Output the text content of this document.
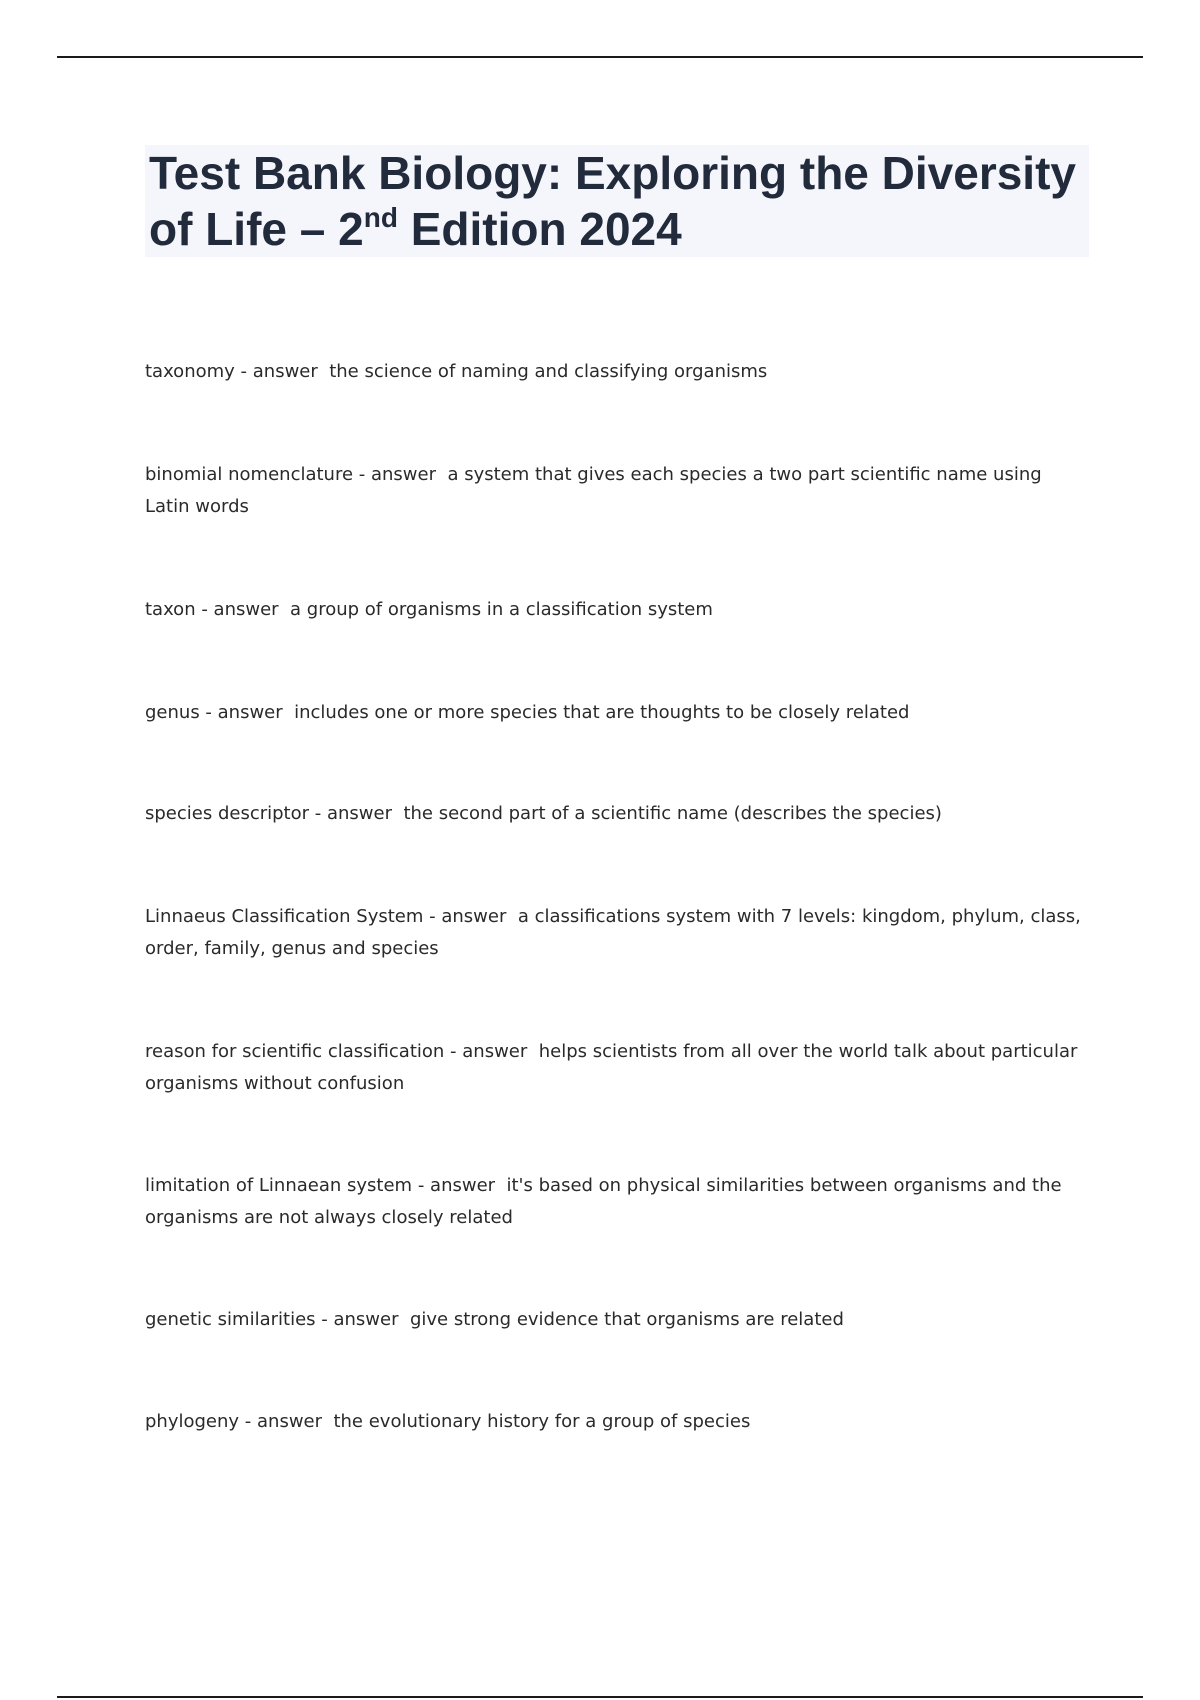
Test Bank Biology: Exploring the Diversity of Life – 2nd Edition 2024
taxonomy - answer  the science of naming and classifying organisms
binomial nomenclature - answer  a system that gives each species a two part scientific name using Latin words
taxon - answer  a group of organisms in a classification system
genus - answer  includes one or more species that are thoughts to be closely related
species descriptor - answer  the second part of a scientific name (describes the species)
Linnaeus Classification System - answer  a classifications system with 7 levels: kingdom, phylum, class, order, family, genus and species
reason for scientific classification - answer  helps scientists from all over the world talk about particular organisms without confusion
limitation of Linnaean system - answer  it's based on physical similarities between organisms and the organisms are not always closely related
genetic similarities - answer  give strong evidence that organisms are related
phylogeny - answer  the evolutionary history for a group of species
